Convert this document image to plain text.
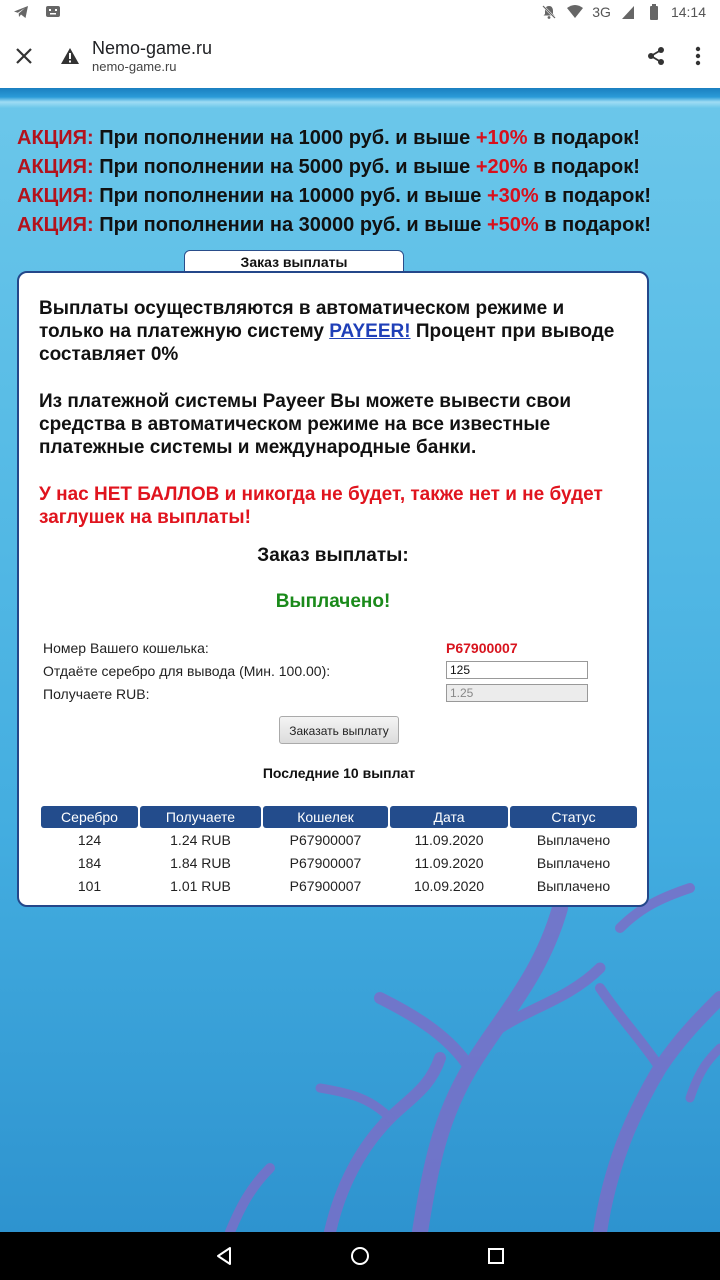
3G	14:14
Nemo-game.ru
nemo-game.ru
АКЦИЯ: При пополнении на 1000 руб. и выше +10% в подарок!
АКЦИЯ: При пополнении на 5000 руб. и выше +20% в подарок!
АКЦИЯ: При пополнении на 10000 руб. и выше +30% в подарок!
АКЦИЯ: При пополнении на 30000 руб. и выше +50% в подарок!
Заказ выплаты
Выплаты осуществляются в автоматическом режиме и только на платежную систему PAYEER! Процент при выводе составляет 0%
Из платежной системы Payeer Вы можете вывести свои средства в автоматическом режиме на все известные платежные системы и международные банки.
У нас НЕТ БАЛЛОВ и никогда не будет, также нет и не будет заглушек на выплаты!
Заказ выплаты:
Выплачено!
Номер Вашего кошелька:	P67900007
Отдаёте серебро для вывода (Мин. 100.00):
125
Получаете RUB:
1.25
Заказать выплату
Последние 10 выплат
Серебро	Получаете	Кошелек	Дата	Статус
124	1.24 RUB	P67900007	11.09.2020	Выплачено
184	1.84 RUB	P67900007	11.09.2020	Выплачено
101	1.01 RUB	P67900007	10.09.2020	Выплачено
